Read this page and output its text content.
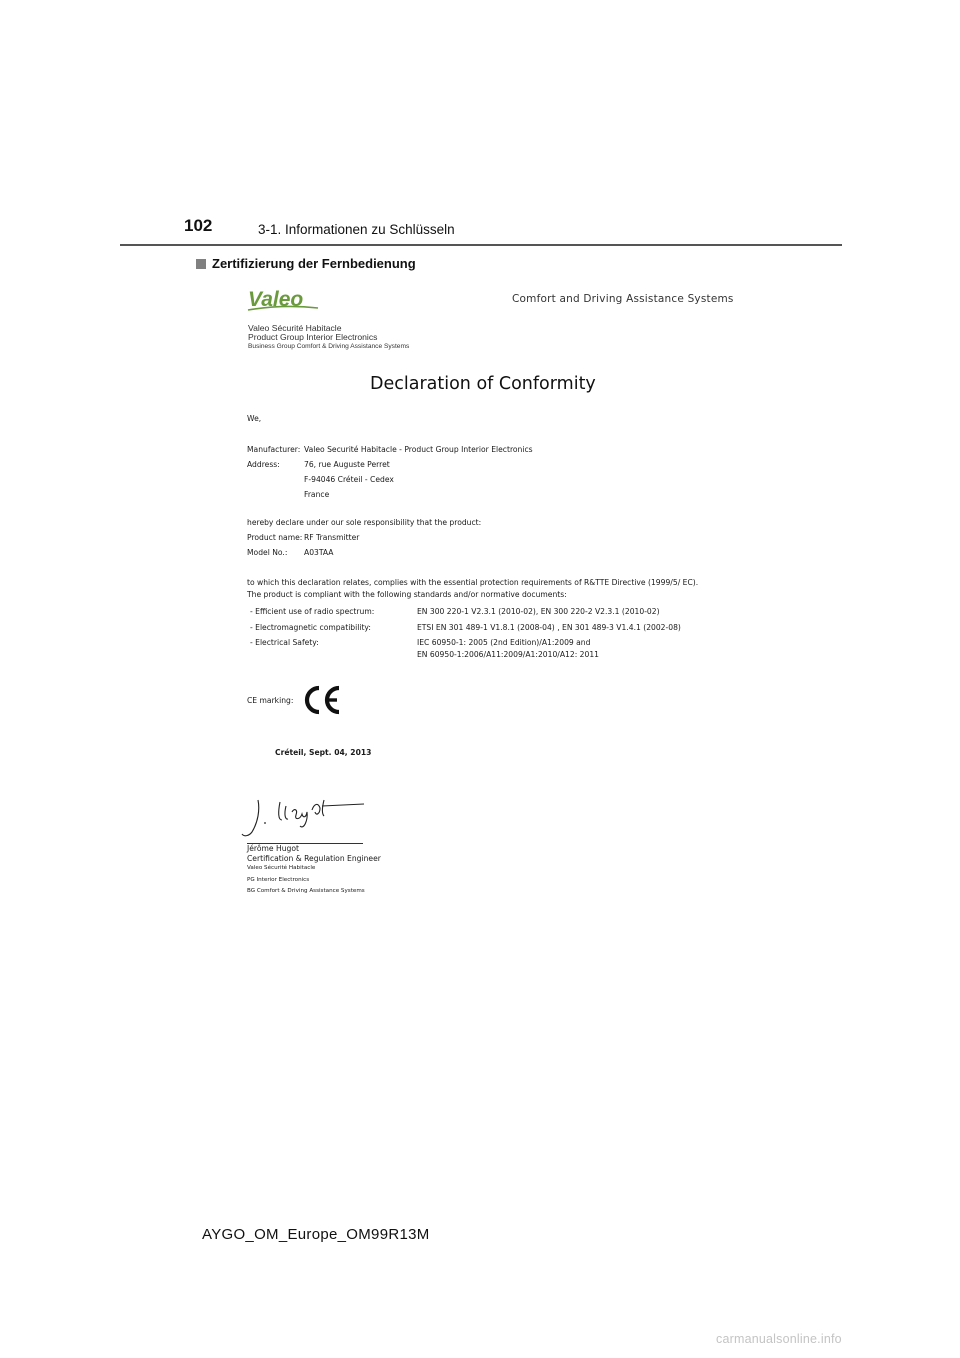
102	3-1. Informationen zu Schlüsseln
Zertifizierung der Fernbedienung
Valeo	Comfort and Driving Assistance Systems
Valeo Sécurité Habitacle
Product Group Interior Electronics
Business Group Comfort & Driving Assistance Systems
Declaration of Conformity
We,
Manufacturer: Valeo Securité Habitacle - Product Group Interior Electronics
Address:	76, rue Auguste Perret
F-94046 Créteil - Cedex
France
hereby declare under our sole responsibility that the product:
Product name: RF Transmitter
Model No.: A03TAA
to which this declaration relates, complies with the essential protection requirements of R&TTE Directive (1999/5/ EC).
The product is compliant with the following standards and/or normative documents:
- Efficient use of radio spectrum:	EN 300 220-1 V2.3.1 (2010-02), EN 300 220-2 V2.3.1 (2010-02)
- Electromagnetic compatibility:	ETSI EN 301 489-1 V1.8.1 (2008-04) , EN 301 489-3 V1.4.1 (2002-08)
- Electrical Safety:	IEC 60950-1: 2005 (2nd Edition)/A1:2009 and
EN 60950-1:2006/A11:2009/A1:2010/A12: 2011
CE marking:
Créteil, Sept. 04, 2013
Jérôme Hugot
Certification & Regulation Engineer
Valeo Sécurité Habitacle
PG Interior Electronics
BG Comfort & Driving Assistance Systems
AYGO_OM_Europe_OM99R13M
carmanualsonline.info
